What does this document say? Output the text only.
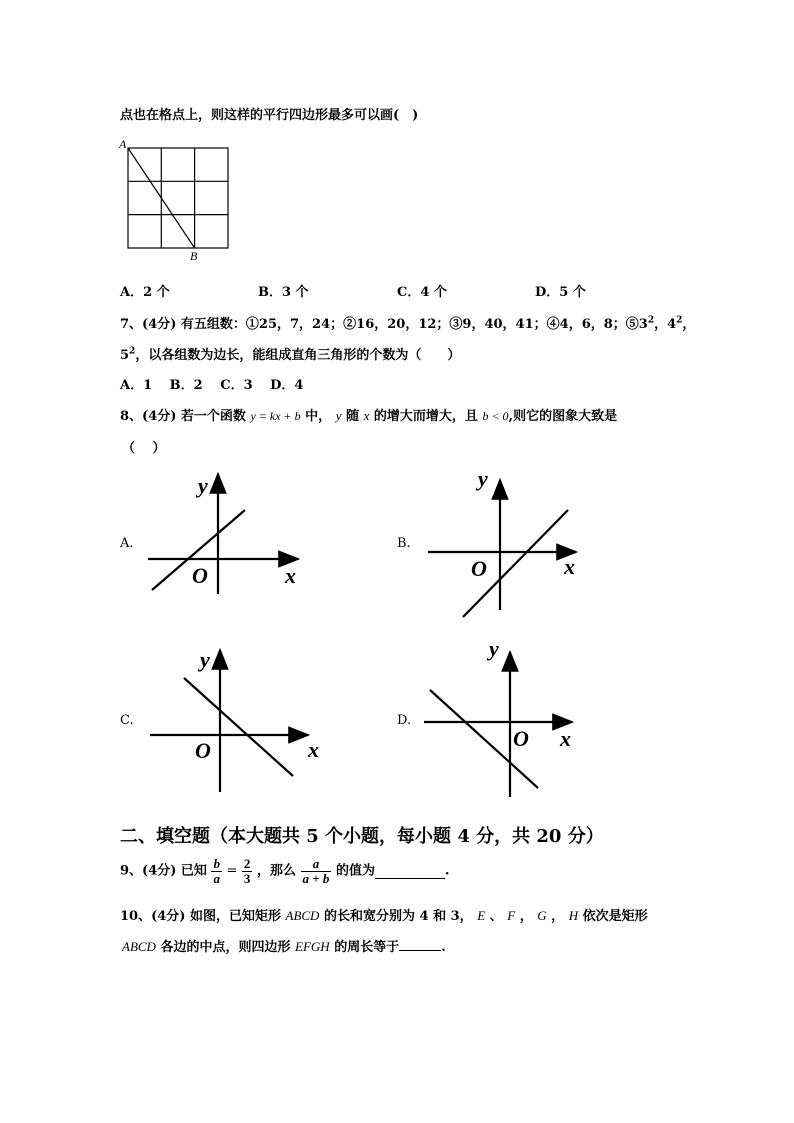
点也在格点上，则这样的平行四边形最多可以画(　)
A
B
A．2 个	B．3 个	C．4 个	D．5 个
7、(4分) 有五组数：①25，7，24；②16，20，12；③9，40，41；④4，6，8；$⑤3^2$，$4^2$，
$5^2$，以各组数为边长，能组成直角三角形的个数为（　　）
A．1　 B．2　 C．3　 D．4
8、(4分) 若一个函数 y = kx + b 中， y 随 x 的增大而增大，且 b < 0,则它的图象大致是
（　 ）
A.
y
x
O
B.
y
x
O
C.
y
x
O
D.
y
x
O
二、填空题（本大题共 5 个小题，每小题 4 分，共 20 分）
9、(4分) 已知 $\frac{b}{a} = \frac{2}{3}$ ，那么 $\frac{a}{a + b}$ 的值为	.
10、(4分) 如图，已知矩形 ABCD 的长和宽分别为 4 和 3， E 、 F ， G ， H 依次是矩形
ABCD 各边的中点，则四边形 EFGH 的周长等于	.
